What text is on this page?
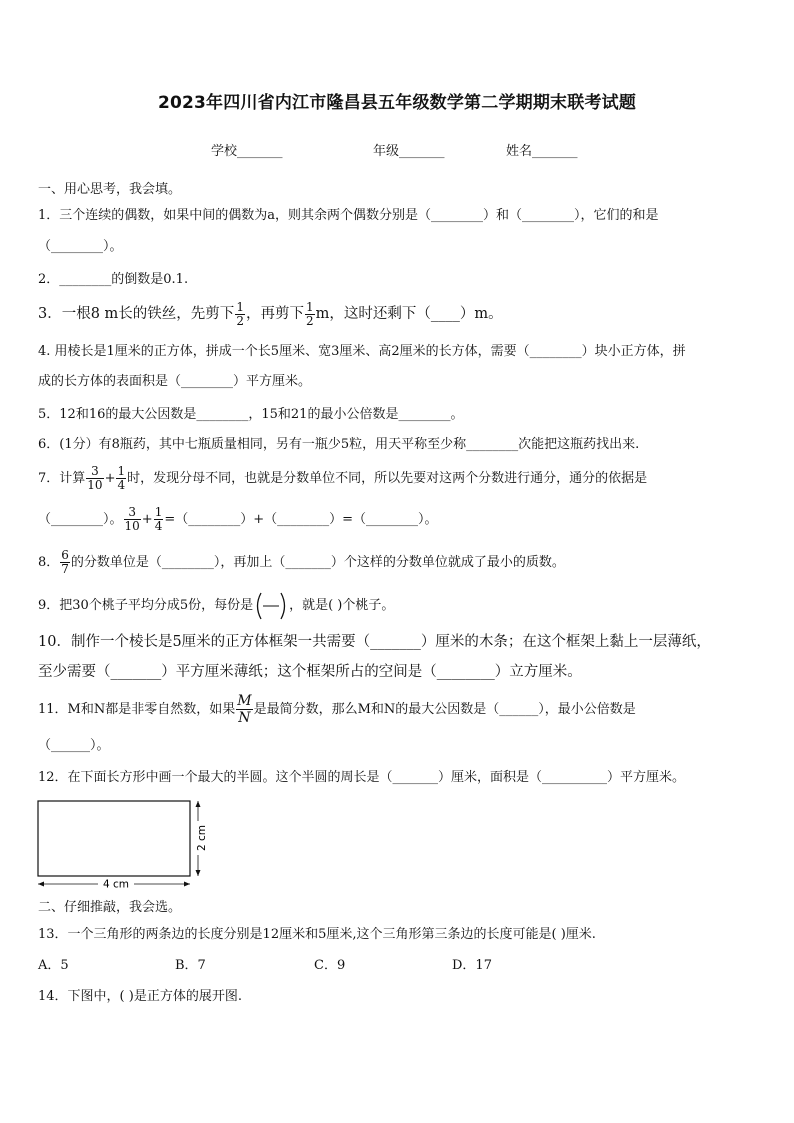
2023年四川省内江市隆昌县五年级数学第二学期期末联考试题
学校_______	年级_______	姓名_______
一、用心思考，我会填。
1．三个连续的偶数，如果中间的偶数为a，则其余两个偶数分别是（________）和（________），它们的和是
（________）。
2．________的倒数是0.1.
3．一根8 m长的铁丝，先剪下 $\frac{1}{2}$ ，再剪下 $\frac{1}{2}$ m，这时还剩下（____）m。
4. 用棱长是1厘米的正方体，拼成一个长5厘米、宽3厘米、高2厘米的长方体，需要（________）块小正方体，拼
成的长方体的表面积是（________）平方厘米。
5．12和16的最大公因数是________，15和21的最小公倍数是________。
6．(1分）有8瓶药，其中七瓶质量相同，另有一瓶少5粒，用天平称至少称________次能把这瓶药找出来.
7．计算 $\frac{3}{10} + \frac{1}{4}$ 时，发现分母不同，也就是分数单位不同，所以先要对这两个分数进行通分，通分的依据是
（________）。 $\frac{3}{10} + \frac{1}{4}$ =（________）+（________）=（________）。
8． $\frac{6}{7}$ 的分数单位是（________），再加上（_______）个这样的分数单位就成了最小的质数。
9．把30个桃子平均分成5份，每份是	，就是( )个桃子。
10．制作一个棱长是5厘米的正方体框架一共需要（_______）厘米的木条；在这个框架上黏上一层薄纸，
至少需要（_______）平方厘米薄纸；这个框架所占的空间是（________）立方厘米。
11．M和N都是非零自然数，如果 $\frac{M}{N}$ 是最简分数，那么M和N的最大公因数是（______），最小公倍数是
（______）。
12．在下面长方形中画一个最大的半圆。这个半圆的周长是（_______）厘米，面积是（__________）平方厘米。
4 cm
2 cm
二、仔细推敲，我会选。
13．一个三角形的两条边的长度分别是12厘米和5厘米,这个三角形第三条边的长度可能是( )厘米.
A．5	B．7	C．9	D．17
14．下图中，( )是正方体的展开图.
